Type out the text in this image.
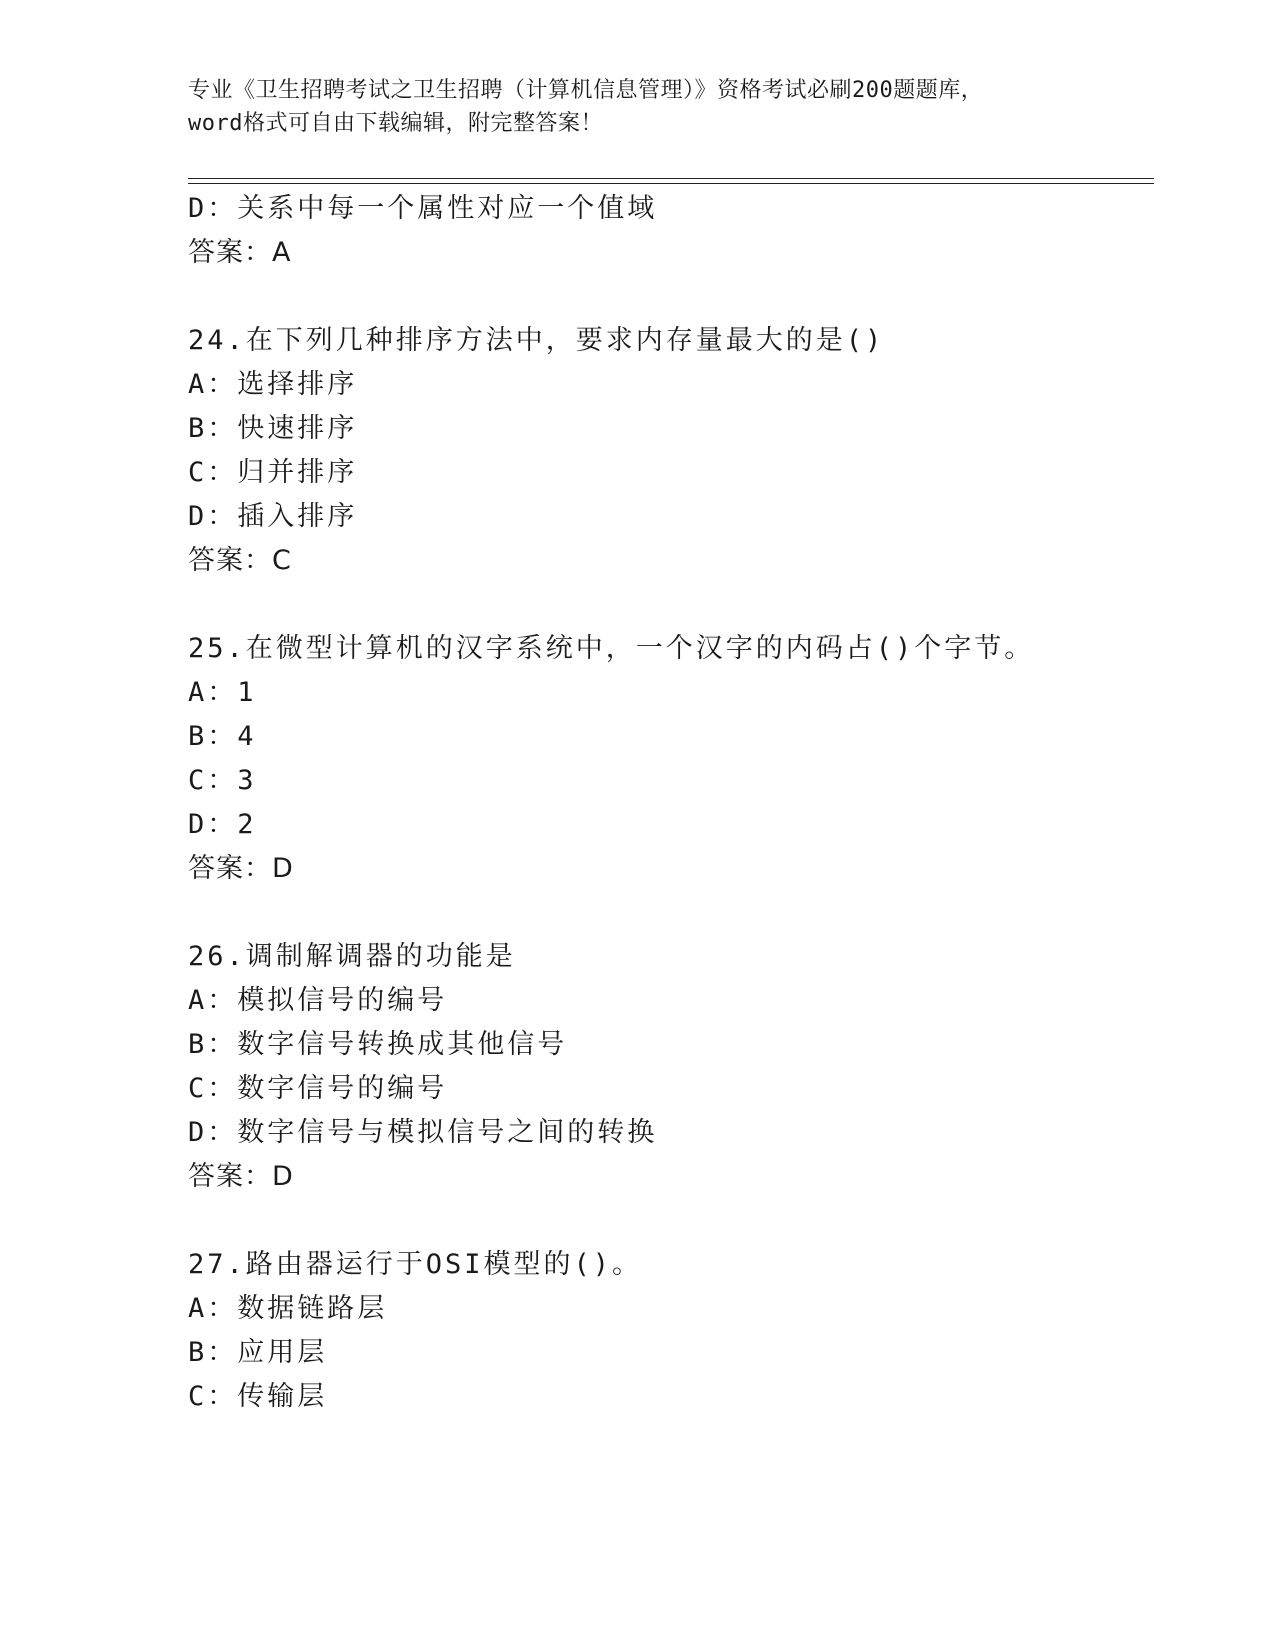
专业《卫生招聘考试之卫生招聘（计算机信息管理）》资格考试必刷200题题库，
word格式可自由下载编辑，附完整答案！
D：关系中每一个属性对应一个值域
答案：A
24.在下列几种排序方法中，要求内存量最大的是()
A：选择排序
B：快速排序
C：归并排序
D：插入排序
答案：C
25.在微型计算机的汉字系统中，一个汉字的内码占()个字节。
A：1
B：4
C：3
D：2
答案：D
26.调制解调器的功能是
A：模拟信号的编号
B：数字信号转换成其他信号
C：数字信号的编号
D：数字信号与模拟信号之间的转换
答案：D
27.路由器运行于OSI模型的()。
A：数据链路层
B：应用层
C：传输层
